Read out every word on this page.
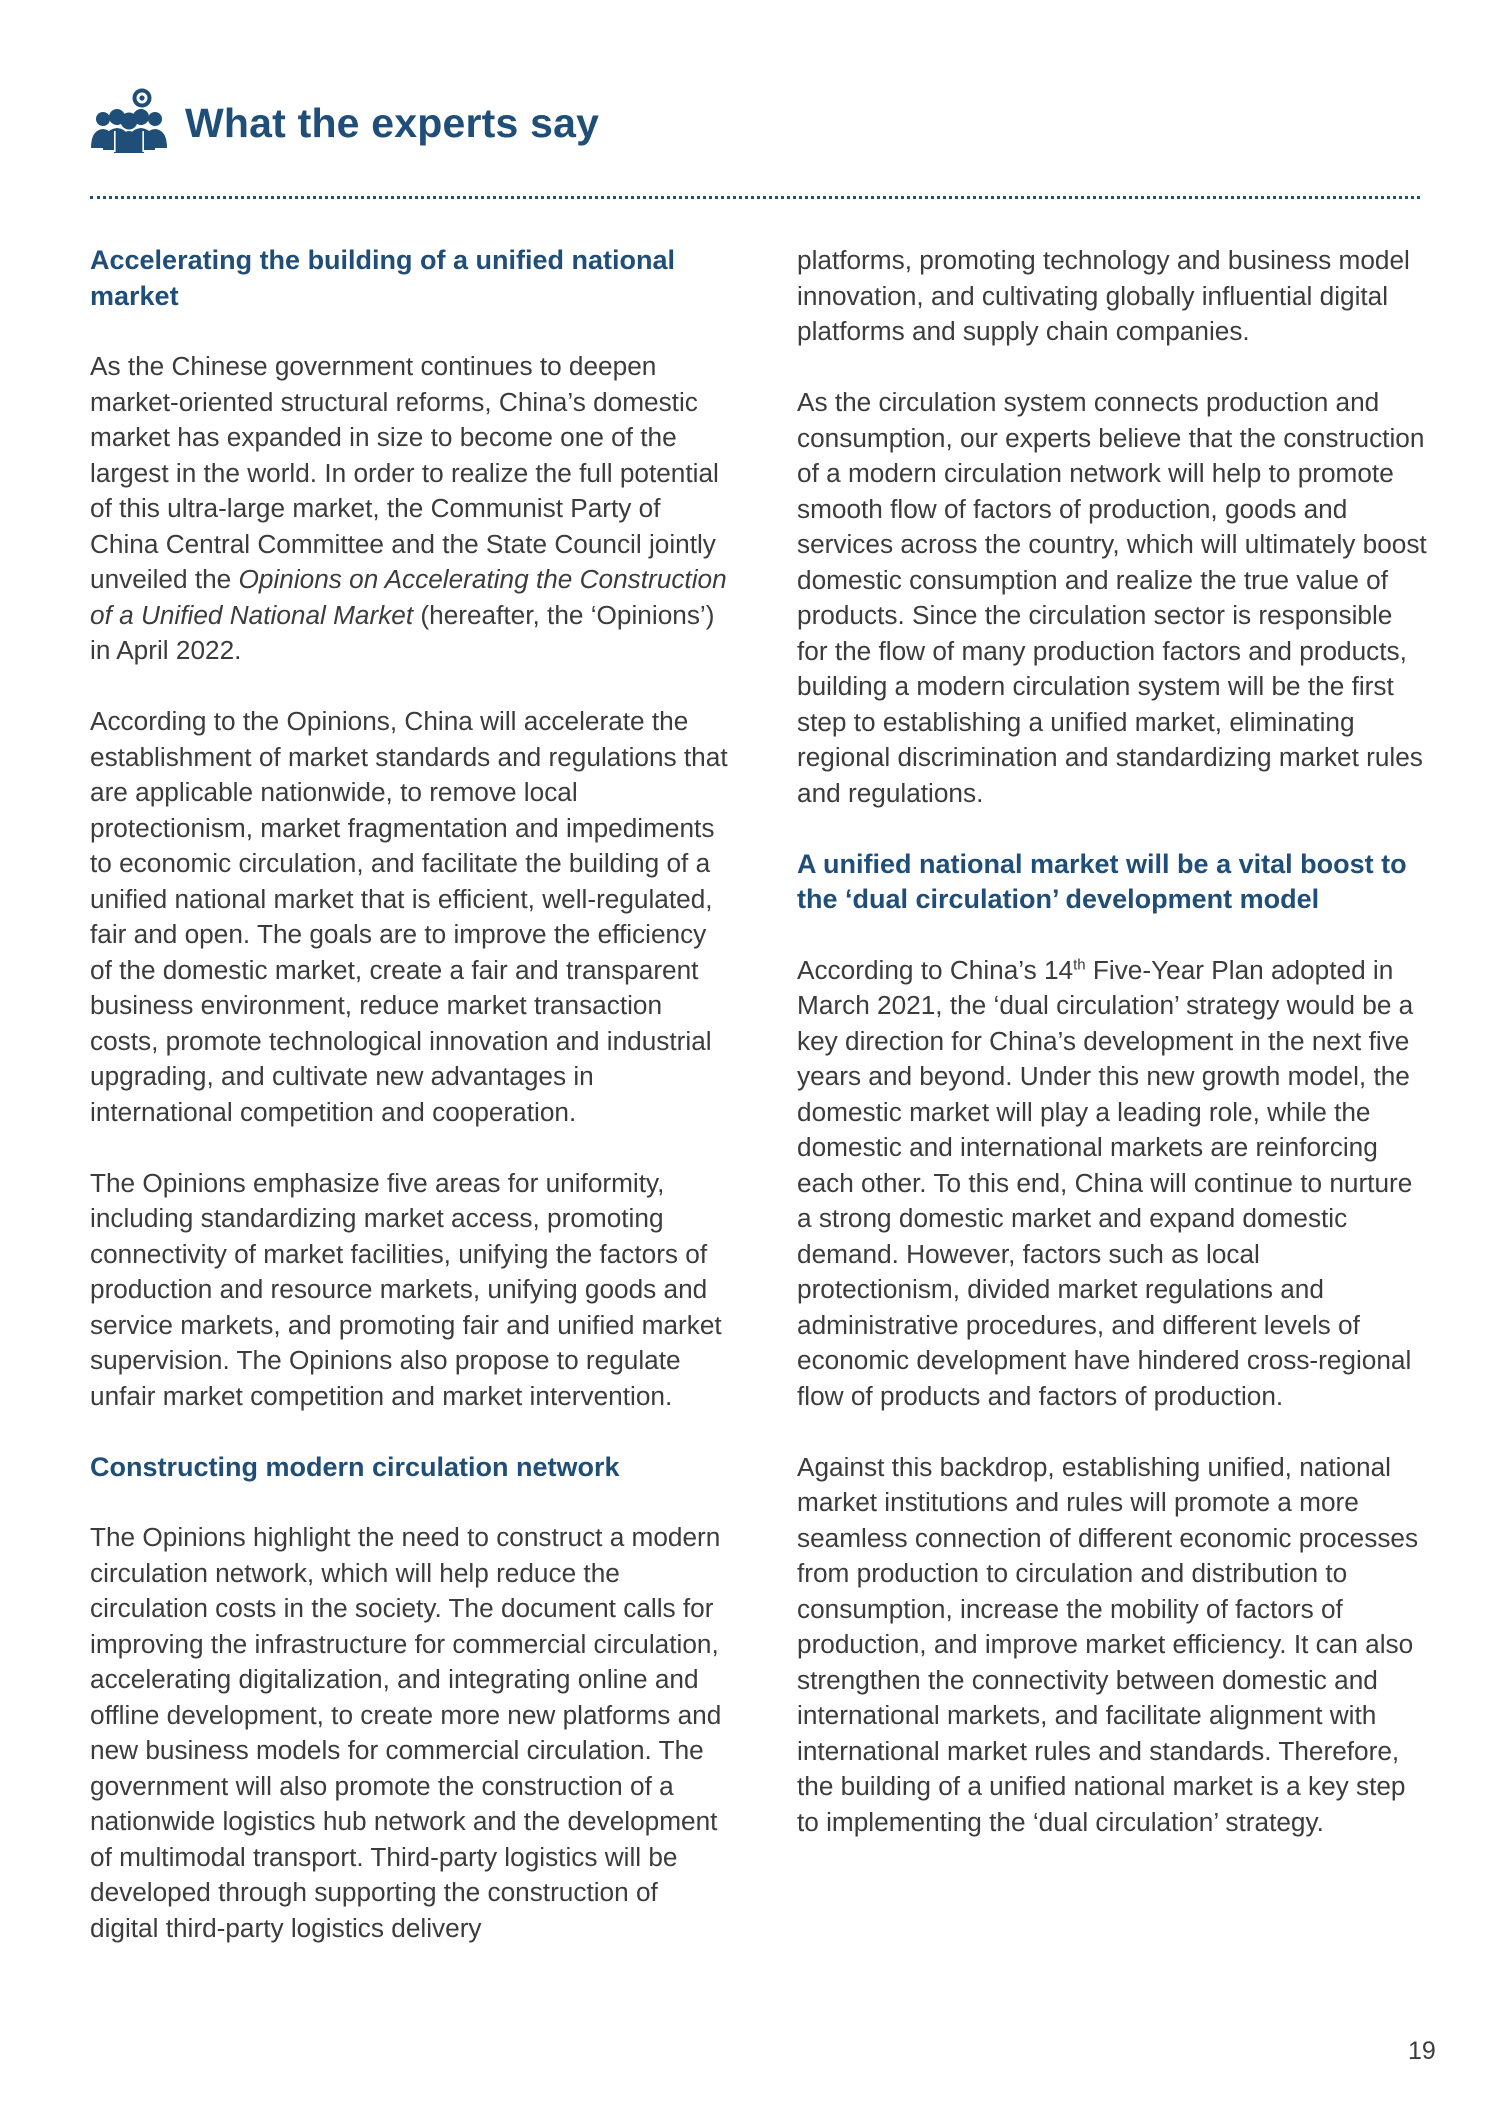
What the experts say
Accelerating the building of a unified national market

As the Chinese government continues to deepen market-oriented structural reforms, China’s domestic market has expanded in size to become one of the largest in the world. In order to realize the full potential of this ultra-large market, the Communist Party of China Central Committee and the State Council jointly unveiled the Opinions on Accelerating the Construction of a Unified National Market (hereafter, the ‘Opinions’) in April 2022.

According to the Opinions, China will accelerate the establishment of market standards and regulations that are applicable nationwide, to remove local protectionism, market fragmentation and impediments to economic circulation, and facilitate the building of a unified national market that is efficient, well-regulated, fair and open. The goals are to improve the efficiency of the domestic market, create a fair and transparent business environment, reduce market transaction costs, promote technological innovation and industrial upgrading, and cultivate new advantages in international competition and cooperation.

The Opinions emphasize five areas for uniformity, including standardizing market access, promoting connectivity of market facilities, unifying the factors of production and resource markets, unifying goods and service markets, and promoting fair and unified market supervision. The Opinions also propose to regulate unfair market competition and market intervention.

Constructing modern circulation network

The Opinions highlight the need to construct a modern circulation network, which will help reduce the circulation costs in the society. The document calls for improving the infrastructure for commercial circulation, accelerating digitalization, and integrating online and offline development, to create more new platforms and new business models for commercial circulation. The government will also promote the construction of a nationwide logistics hub network and the development of multimodal transport. Third-party logistics will be developed through supporting the construction of digital third-party logistics delivery

platforms, promoting technology and business model innovation, and cultivating globally influential digital platforms and supply chain companies.

As the circulation system connects production and consumption, our experts believe that the construction of a modern circulation network will help to promote smooth flow of factors of production, goods and services across the country, which will ultimately boost domestic consumption and realize the true value of products. Since the circulation sector is responsible for the flow of many production factors and products, building a modern circulation system will be the first step to establishing a unified market, eliminating regional discrimination and standardizing market rules and regulations.

A unified national market will be a vital boost to the ‘dual circulation’ development model

According to China’s 14th Five-Year Plan adopted in March 2021, the ‘dual circulation’ strategy would be a key direction for China’s development in the next five years and beyond. Under this new growth model, the domestic market will play a leading role, while the domestic and international markets are reinforcing each other. To this end, China will continue to nurture a strong domestic market and expand domestic demand. However, factors such as local protectionism, divided market regulations and administrative procedures, and different levels of economic development have hindered cross-regional flow of products and factors of production.

Against this backdrop, establishing unified, national market institutions and rules will promote a more seamless connection of different economic processes from production to circulation and distribution to consumption, increase the mobility of factors of production, and improve market efficiency. It can also strengthen the connectivity between domestic and international markets, and facilitate alignment with international market rules and standards. Therefore, the building of a unified national market is a key step to implementing the ‘dual circulation’ strategy.

19
